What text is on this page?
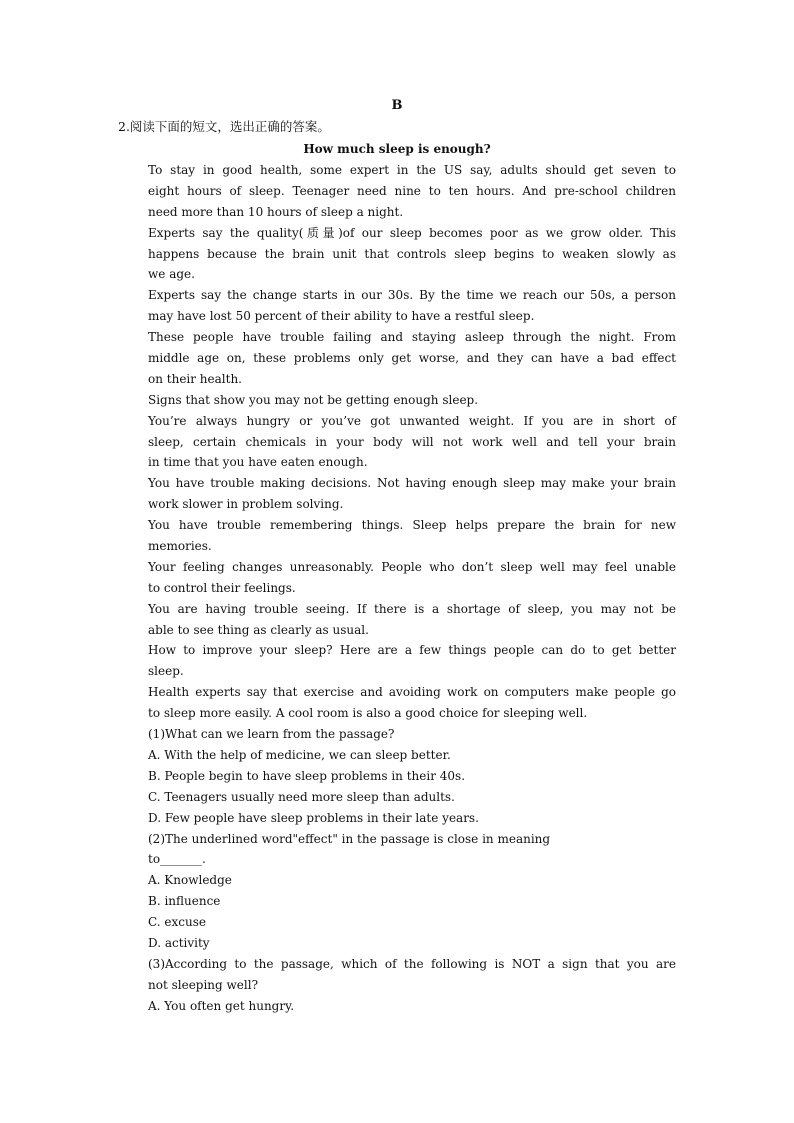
B
2.阅读下面的短文，选出正确的答案。
How much sleep is enough?
To stay in good health, some expert in the US say, adults should get seven to
eight hours of sleep. Teenager need nine to ten hours. And pre-school children
need more than 10 hours of sleep a night.
Experts say the quality(质量)of our sleep becomes poor as we grow older. This
happens because the brain unit that controls sleep begins to weaken slowly as
we age.
Experts say the change starts in our 30s. By the time we reach our 50s, a person
may have lost 50 percent of their ability to have a restful sleep.
These people have trouble failing and staying asleep through the night. From
middle age on, these problems only get worse, and they can have a bad effect
on their health.
Signs that show you may not be getting enough sleep.
You’re always hungry or you’ve got unwanted weight. If you are in short of
sleep, certain chemicals in your body will not work well and tell your brain
in time that you have eaten enough.
You have trouble making decisions. Not having enough sleep may make your brain
work slower in problem solving.
You have trouble remembering things. Sleep helps prepare the brain for new
memories.
Your feeling changes unreasonably. People who don’t sleep well may feel unable
to control their feelings.
You are having trouble seeing. If there is a shortage of sleep, you may not be
able to see thing as clearly as usual.
How to improve your sleep? Here are a few things people can do to get better
sleep.
Health experts say that exercise and avoiding work on computers make people go
to sleep more easily. A cool room is also a good choice for sleeping well.
(1)What can we learn from the passage?
A. With the help of medicine, we can sleep better.
B. People begin to have sleep problems in their 40s.
C. Teenagers usually need more sleep than adults.
D. Few people have sleep problems in their late years.
(2)The underlined word"effect" in the passage is close in meaning
to_______.
A. Knowledge
B. influence
C. excuse
D. activity
(3)According to the passage, which of the following is NOT a sign that you are
not sleeping well?
A. You often get hungry.
